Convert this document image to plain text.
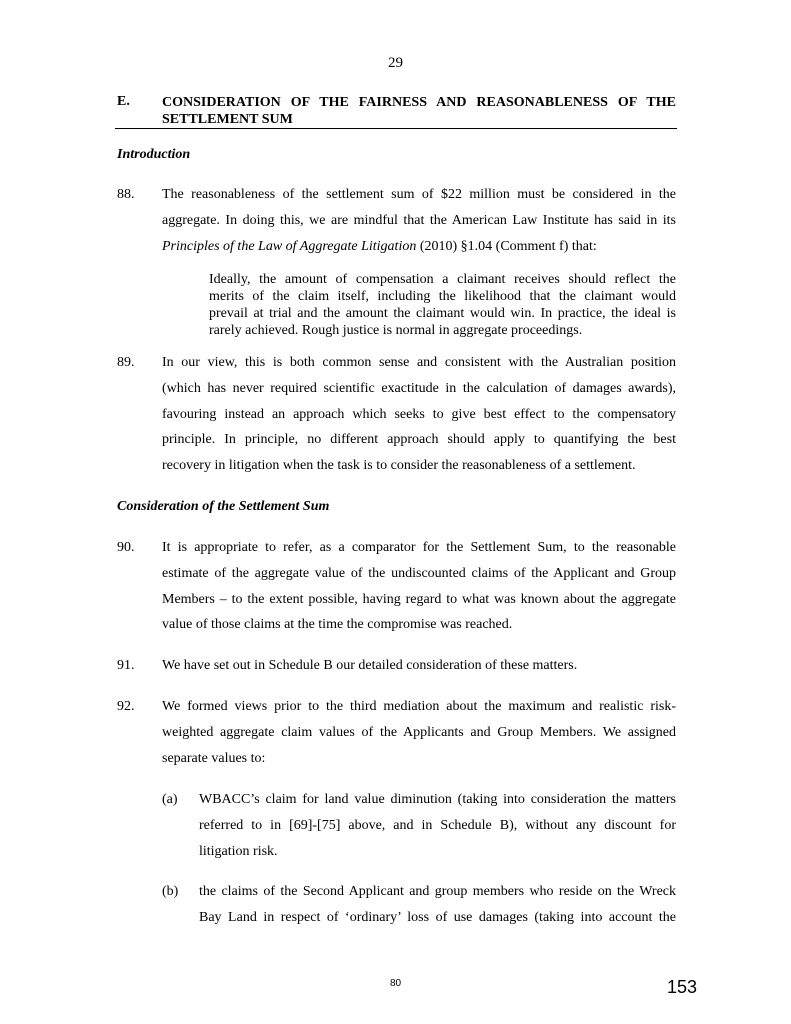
29
E. CONSIDERATION OF THE FAIRNESS AND REASONABLENESS OF THE SETTLEMENT SUM
Introduction
88. The reasonableness of the settlement sum of $22 million must be considered in the
aggregate. In doing this, we are mindful that the American Law Institute has said in its
Principles of the Law of Aggregate Litigation (2010) §1.04 (Comment f) that:
Ideally, the amount of compensation a claimant receives should reflect the
merits of the claim itself, including the likelihood that the claimant would
prevail at trial and the amount the claimant would win. In practice, the ideal is
rarely achieved. Rough justice is normal in aggregate proceedings.
89. In our view, this is both common sense and consistent with the Australian position
(which has never required scientific exactitude in the calculation of damages awards),
favouring instead an approach which seeks to give best effect to the compensatory
principle. In principle, no different approach should apply to quantifying the best
recovery in litigation when the task is to consider the reasonableness of a settlement.
Consideration of the Settlement Sum
90. It is appropriate to refer, as a comparator for the Settlement Sum, to the reasonable
estimate of the aggregate value of the undiscounted claims of the Applicant and Group
Members – to the extent possible, having regard to what was known about the aggregate
value of those claims at the time the compromise was reached.
91. We have set out in Schedule B our detailed consideration of these matters.
92. We formed views prior to the third mediation about the maximum and realistic risk-
weighted aggregate claim values of the Applicants and Group Members. We assigned
separate values to:
(a) WBACC’s claim for land value diminution (taking into consideration the matters
referred to in [69]-[75] above, and in Schedule B), without any discount for
litigation risk.
(b) the claims of the Second Applicant and group members who reside on the Wreck
Bay Land in respect of ‘ordinary’ loss of use damages (taking into account the
80	153
